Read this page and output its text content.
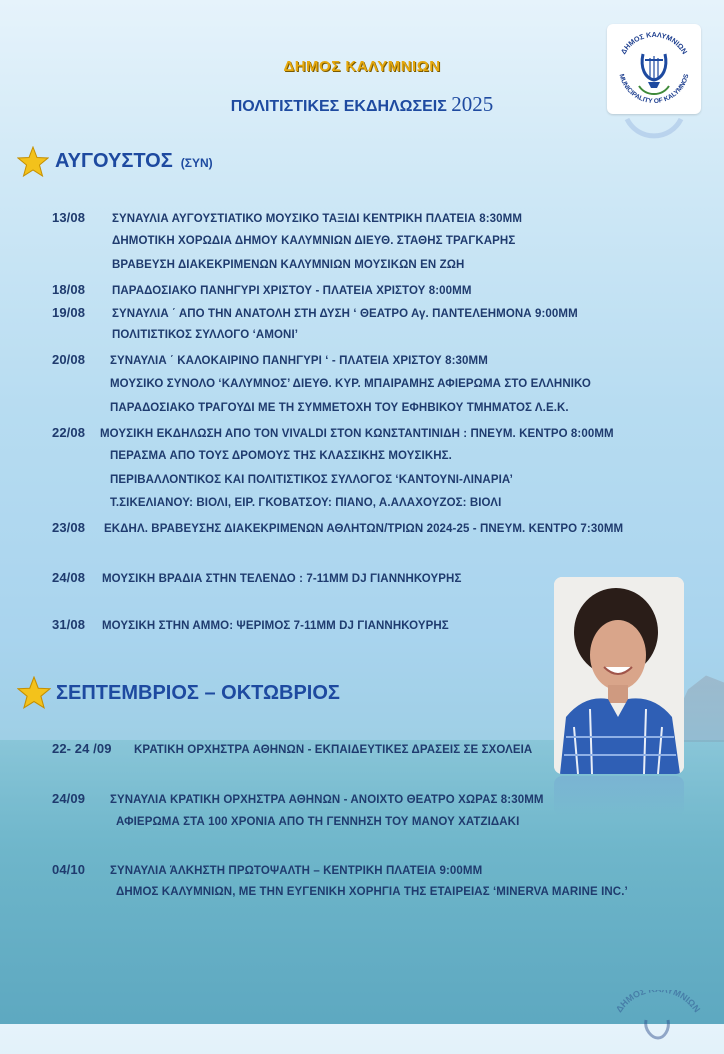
ΔΗΜΟΣ ΚΑΛΥΜΝΙΩΝ
ΠΟΛΙΤΙΣΤΙΚΕΣ ΕΚΔΗΛΩΣΕΙΣ 2025
ΔΗΜΟΣ ΚΑΛΥΜΝΙΩΝ
MUNICIPALITY OF KALYMNOS
ΑΥΓΟΥΣΤΟΣ (ΣΥΝ)
13/08 ΣΥΝΑΥΛΙΑ ΑΥΓΟΥΣΤΙΑΤΙΚΟ ΜΟΥΣΙΚΟ ΤΑΞΙΔΙ ΚΕΝΤΡΙΚΗ ΠΛΑΤΕΙΑ 8:30ΜΜ
ΔΗΜΟΤΙΚΗ ΧΟΡΩΔΙΑ ΔΗΜΟΥ ΚΑΛΥΜΝΙΩΝ ΔΙΕΥΘ. ΣΤΑΘΗΣ ΤΡΑΓΚΑΡΗΣ
ΒΡΑΒΕΥΣΗ ΔΙΑΚΕΚΡΙΜΕΝΩΝ ΚΑΛΥΜΝΙΩΝ ΜΟΥΣΙΚΩΝ ΕΝ ΖΩΗ
18/08 ΠΑΡΑΔΟΣΙΑΚΟ ΠΑΝΗΓΥΡΙ ΧΡΙΣΤΟΥ - ΠΛΑΤΕΙΑ ΧΡΙΣΤΟΥ 8:00ΜΜ
19/08 ΣΥΝΑΥΛΙΑ ΄ ΑΠΟ ΤΗΝ ΑΝΑΤΟΛΗ ΣΤΗ ΔΥΣΗ ‘ ΘΕΑΤΡΟ Αγ. ΠΑΝΤΕΛΕΗΜΟΝΑ 9:00ΜΜ
ΠΟΛΙΤΙΣΤΙΚΟΣ ΣΥΛΛΟΓΟ ‘ΑΜΟΝΙ’
20/08 ΣΥΝΑΥΛΙΑ ΄ ΚΑΛΟΚΑΙΡΙΝΟ ΠΑΝΗΓΥΡΙ ‘ - ΠΛΑΤΕΙΑ ΧΡΙΣΤΟΥ 8:30ΜΜ
ΜΟΥΣΙΚΟ ΣΥΝΟΛΟ ‘ΚΑΛΥΜΝΟΣ’ ΔΙΕΥΘ. ΚΥΡ. ΜΠΑΙΡΑΜΗΣ ΑΦΙΕΡΩΜΑ ΣΤΟ ΕΛΛΗΝΙΚΟ
ΠΑΡΑΔΟΣΙΑΚΟ ΤΡΑΓΟΥΔΙ ΜΕ ΤΗ ΣΥΜΜΕΤΟΧΗ ΤΟΥ ΕΦΗΒΙΚΟΥ ΤΜΗΜΑΤΟΣ Λ.Ε.Κ.
22/08 ΜΟΥΣΙΚΗ ΕΚΔΗΛΩΣΗ ΑΠΟ ΤΟΝ VIVALDI ΣΤΟΝ ΚΩΝΣΤΑΝΤΙΝΙΔΗ : ΠΝΕΥΜ. ΚΕΝΤΡΟ 8:00ΜΜ
ΠΕΡΑΣΜΑ ΑΠΟ ΤΟΥΣ ΔΡΟΜΟΥΣ ΤΗΣ ΚΛΑΣΣΙΚΗΣ ΜΟΥΣΙΚΗΣ.
ΠΕΡΙΒΑΛΛΟΝΤΙΚΟΣ ΚΑΙ ΠΟΛΙΤΙΣΤΙΚΟΣ ΣΥΛΛΟΓΟΣ ‘ΚΑΝΤΟΥΝΙ-ΛΙΝΑΡΙΑ’
Τ.ΣΙΚΕΛΙΑΝΟΥ: ΒΙΟΛΙ, ΕΙΡ. ΓΚΟΒΑΤΣΟΥ: ΠΙΑΝΟ, Α.ΑΛΑΧΟΥΖΟΣ: ΒΙΟΛΙ
23/08 ΕΚΔΗΛ. ΒΡΑΒΕΥΣΗΣ ΔΙΑΚΕΚΡΙΜΕΝΩΝ ΑΘΛΗΤΩΝ/ΤΡΙΩΝ 2024-25 - ΠΝΕΥΜ. ΚΕΝΤΡΟ 7:30ΜΜ
24/08 ΜΟΥΣΙΚΗ ΒΡΑΔΙΑ ΣΤΗΝ ΤΕΛΕΝΔΟ : 7-11ΜΜ DJ ΓΙΑΝΝΗΚΟΥΡΗΣ
31/08 ΜΟΥΣΙΚΗ ΣΤΗΝ ΑΜΜΟ: ΨΕΡΙΜΟΣ 7-11ΜΜ DJ ΓΙΑΝΝΗΚΟΥΡΗΣ
ΣΕΠΤΕΜΒΡΙΟΣ – ΟΚΤΩΒΡΙΟΣ
22- 24 /09 ΚΡΑΤΙΚΗ ΟΡΧΗΣΤΡΑ ΑΘΗΝΩΝ - ΕΚΠΑΙΔΕΥΤΙΚΕΣ ΔΡΑΣΕΙΣ ΣΕ ΣΧΟΛΕΙΑ
24/09 ΣΥΝΑΥΛΙΑ ΚΡΑΤΙΚΗ ΟΡΧΗΣΤΡΑ ΑΘΗΝΩΝ - ΑΝΟΙΧΤΟ ΘΕΑΤΡΟ ΧΩΡΑΣ 8:30ΜΜ
ΑΦΙΕΡΩΜΑ ΣΤΑ 100 ΧΡΟΝΙΑ ΑΠΟ ΤΗ ΓΕΝΝΗΣΗ ΤΟΥ ΜΑΝΟΥ ΧΑΤΖΙΔΑΚΙ
04/10 ΣΥΝΑΥΛΙΑ ΆΛΚΗΣΤΗ ΠΡΩΤΟΨΑΛΤΗ – ΚΕΝΤΡΙΚΗ ΠΛΑΤΕΙΑ 9:00ΜΜ
ΔΗΜΟΣ ΚΑΛΥΜΝΙΩΝ, ΜΕ ΤΗΝ ΕΥΓΕΝΙΚΗ ΧΟΡΗΓΙΑ ΤΗΣ ΕΤΑΙΡΕΙΑΣ ‘MINERVA MARINE INC.’
ΔΗΜΟΣ ΥΜΝΙΩΝ
